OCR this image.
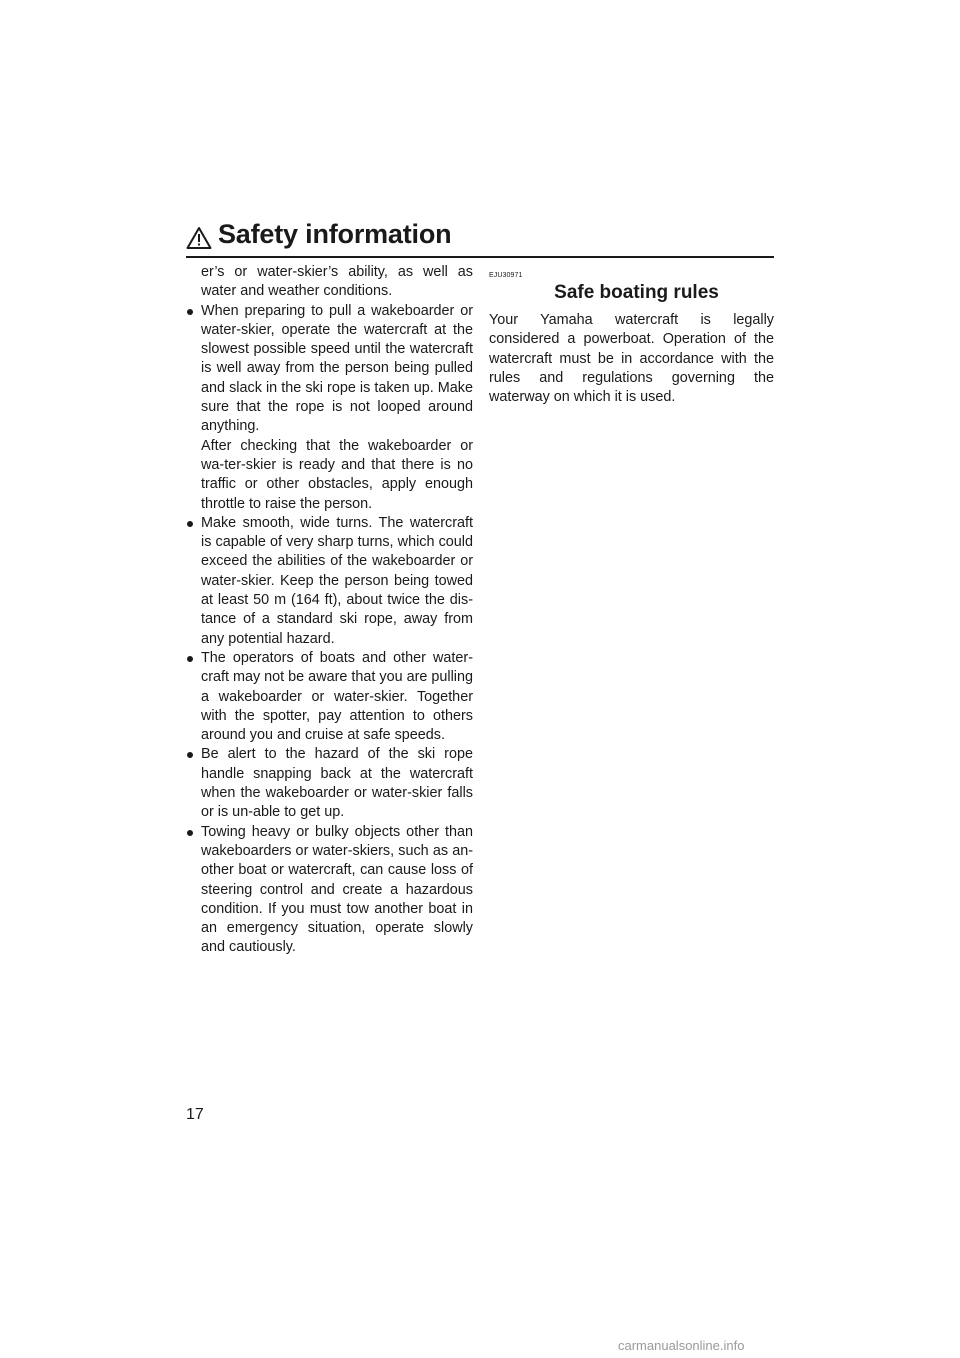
Safety information

er’s or water-skier’s ability, as well as water and weather conditions.

When preparing to pull a wakeboarder or water-skier, operate the watercraft at the slowest possible speed until the watercraft is well away from the person being pulled and slack in the ski rope is taken up. Make sure that the rope is not looped around anything.

After checking that the wakeboarder or wa-ter-skier is ready and that there is no traffic or other obstacles, apply enough throttle to raise the person.

Make smooth, wide turns. The watercraft is capable of very sharp turns, which could exceed the abilities of the wakeboarder or water-skier. Keep the person being towed at least 50 m (164 ft), about twice the dis-tance of a standard ski rope, away from any potential hazard.

The operators of boats and other water-craft may not be aware that you are pulling a wakeboarder or water-skier. Together with the spotter, pay attention to others around you and cruise at safe speeds.

Be alert to the hazard of the ski rope handle snapping back at the watercraft when the wakeboarder or water-skier falls or is un-able to get up.

Towing heavy or bulky objects other than wakeboarders or water-skiers, such as an-other boat or watercraft, can cause loss of steering control and create a hazardous condition. If you must tow another boat in an emergency situation, operate slowly and cautiously.

EJU30971
Safe boating rules

Your Yamaha watercraft is legally considered a powerboat. Operation of the watercraft must be in accordance with the rules and regulations governing the waterway on which it is used.

17
carmanualsonline.info
